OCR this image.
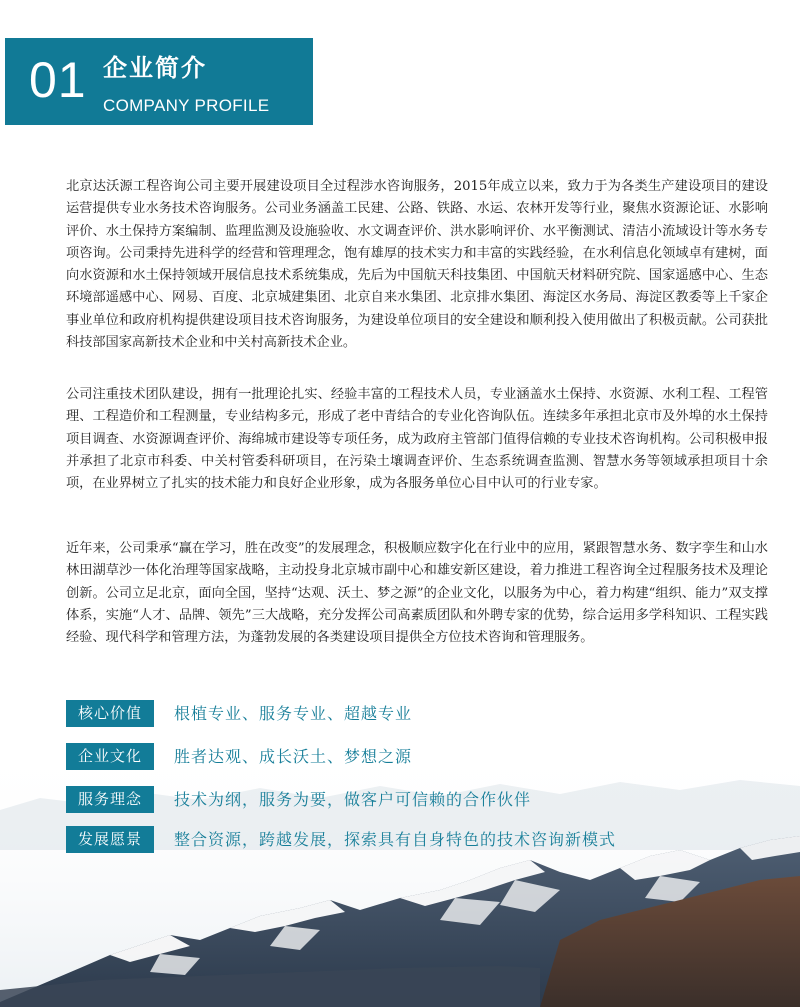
01 企业简介
COMPANY PROFILE

北京达沃源工程咨询公司主要开展建设项目全过程涉水咨询服务，2015年成立以来，致力于为各类生产建设项目的建设运营提供专业水务技术咨询服务。公司业务涵盖工民建、公路、铁路、水运、农林开发等行业，聚焦水资源论证、水影响评价、水土保持方案编制、监理监测及设施验收、水文调查评价、洪水影响评价、水平衡测试、清洁小流域设计等水务专项咨询。公司秉持先进科学的经营和管理理念，饱有雄厚的技术实力和丰富的实践经验，在水利信息化领域卓有建树，面向水资源和水土保持领域开展信息技术系统集成，先后为中国航天科技集团、中国航天材料研究院、国家遥感中心、生态环境部遥感中心、网易、百度、北京城建集团、北京自来水集团、北京排水集团、海淀区水务局、海淀区教委等上千家企事业单位和政府机构提供建设项目技术咨询服务，为建设单位项目的安全建设和顺利投入使用做出了积极贡献。公司获批科技部国家高新技术企业和中关村高新技术企业。

公司注重技术团队建设，拥有一批理论扎实、经验丰富的工程技术人员，专业涵盖水土保持、水资源、水利工程、工程管理、工程造价和工程测量，专业结构多元，形成了老中青结合的专业化咨询队伍。连续多年承担北京市及外埠的水土保持项目调查、水资源调查评价、海绵城市建设等专项任务，成为政府主管部门值得信赖的专业技术咨询机构。公司积极申报并承担了北京市科委、中关村管委科研项目，在污染土壤调查评价、生态系统调查监测、智慧水务等领域承担项目十余项，在业界树立了扎实的技术能力和良好企业形象，成为各服务单位心目中认可的行业专家。

近年来，公司秉承“赢在学习，胜在改变”的发展理念，积极顺应数字化在行业中的应用，紧跟智慧水务、数字孪生和山水林田湖草沙一体化治理等国家战略，主动投身北京城市副中心和雄安新区建设，着力推进工程咨询全过程服务技术及理论创新。公司立足北京，面向全国，坚持“达观、沃土、梦之源”的企业文化，以服务为中心，着力构建“组织、能力”双支撑体系，实施“人才、品牌、领先”三大战略，充分发挥公司高素质团队和外聘专家的优势，综合运用多学科知识、工程实践经验、现代科学和管理方法，为蓬勃发展的各类建设项目提供全方位技术咨询和管理服务。

核心价值	根植专业、服务专业、超越专业
企业文化	胜者达观、成长沃土、梦想之源
服务理念	技术为纲，服务为要，做客户可信赖的合作伙伴
发展愿景	整合资源，跨越发展，探索具有自身特色的技术咨询新模式
